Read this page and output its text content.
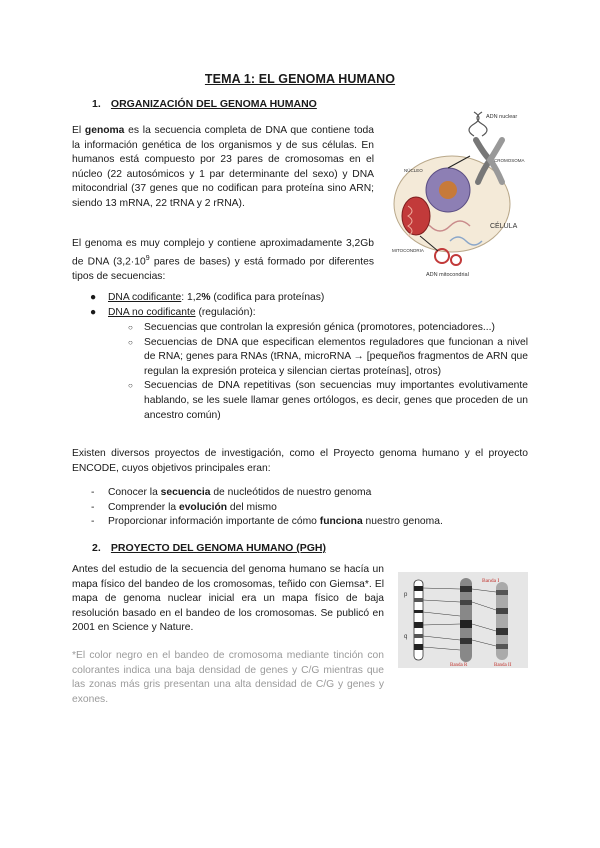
TEMA 1: EL GENOMA HUMANO
1. ORGANIZACIÓN DEL GENOMA HUMANO

El genoma es la secuencia completa de DNA que contiene toda la información genética de los organismos y de sus células. En humanos está compuesto por 23 pares de cromosomas en el núcleo (22 autosómicos y 1 par determinante del sexo) y DNA mitocondrial (37 genes que no codifican para proteína sino ARN; siendo 13 mRNA, 22 tRNA y 2 rRNA).

El genoma es muy complejo y contiene aproximadamente 3,2Gb de DNA ($3,2\cdot 10^9$ pares de bases) y está formado por diferentes tipos de secuencias:

● DNA codificante: 1,2% (codifica para proteínas)
● DNA no codificante (regulación):
○ Secuencias que controlan la expresión génica (promotores, potenciadores...)
○ Secuencias de DNA que especifican elementos reguladores que funcionan a nivel de RNA; genes para RNAs (tRNA, microRNA → [pequeños fragmentos de ARN que regulan la expresión proteica y silencian ciertas proteínas], otros)
○ Secuencias de DNA repetitivas (son secuencias muy importantes evolutivamente hablando, se les suele llamar genes ortólogos, es decir, genes que proceden de un ancestro común)

Existen diversos proyectos de investigación, como el Proyecto genoma humano y el proyecto ENCODE, cuyos objetivos principales eran:

- Conocer la secuencia de nucleótidos de nuestro genoma
- Comprender la evolución del mismo
- Proporcionar información importante de cómo funciona nuestro genoma.
2. PROYECTO DEL GENOMA HUMANO (PGH)

Antes del estudio de la secuencia del genoma humano se hacía un mapa físico del bandeo de los cromosomas, teñido con Giemsa*. El mapa de genoma nuclear inicial era un mapa físico de baja resolución basado en el bandeo de los cromosomas. Se publicó en 2001 en Science y Nature.

*El color negro en el bandeo de cromosoma mediante tinción con colorantes indica una baja densidad de genes y C/G mientras que las zonas más gris presentan una alta densidad de C/G y genes y exones.

ADN nuclear
CROMOSOMA
NÚCLEO
CÉLULA
MITOCONDRIA
ADN mitocondrial
p
q
Banda I
Banda R	Banda II
